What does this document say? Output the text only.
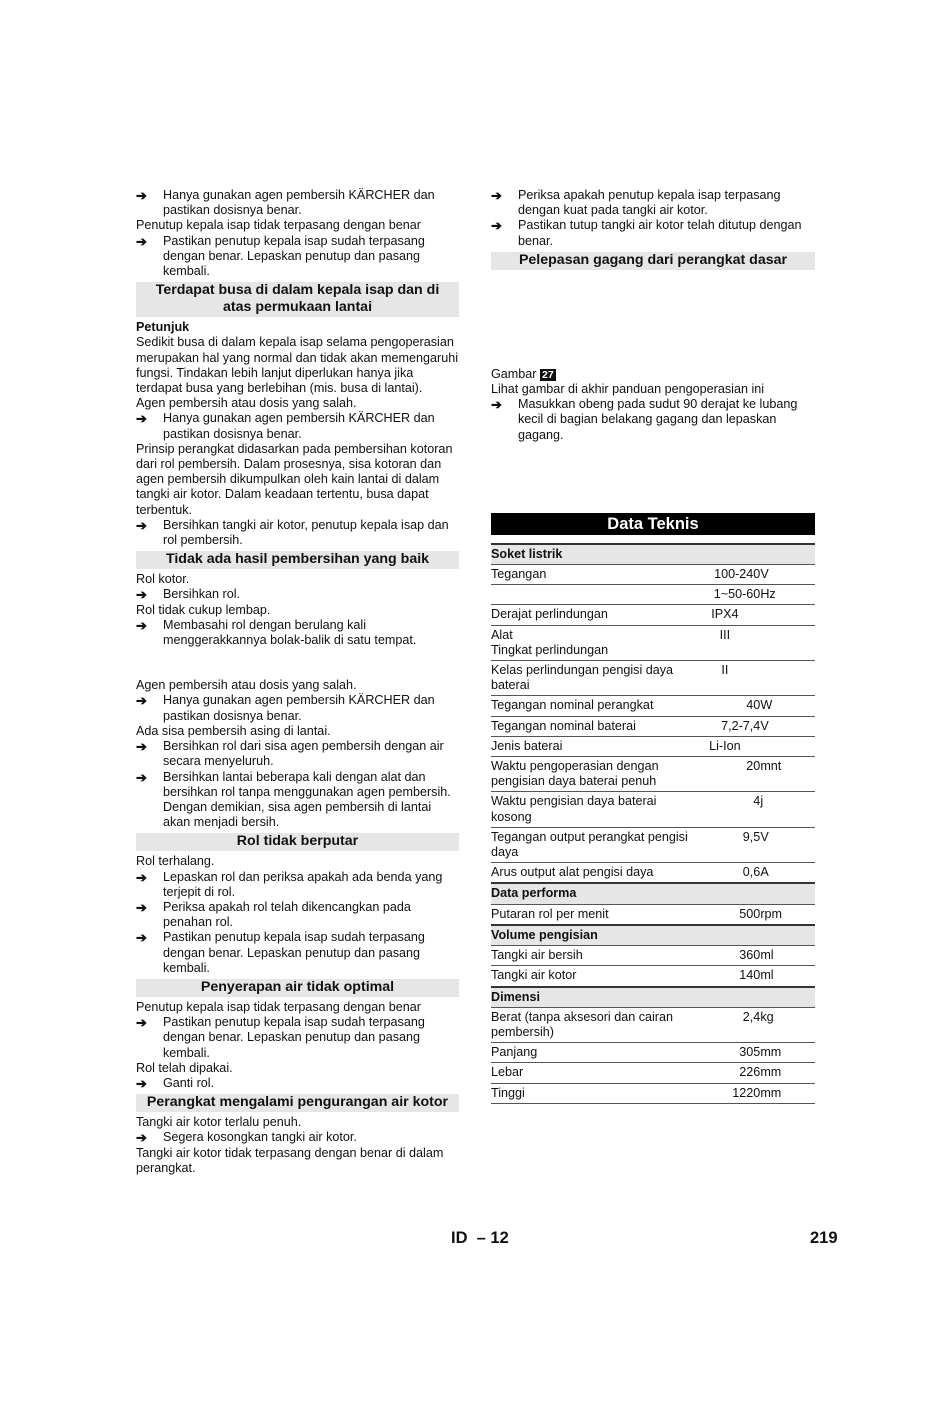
➔	Hanya gunakan agen pembersih KÄRCHER dan pastikan dosisnya benar.

Penutup kepala isap tidak terpasang dengan benar

➔	Pastikan penutup kepala isap sudah terpasang dengan benar. Lepaskan penutup dan pasang kembali.
Terdapat busa di dalam kepala isap dan di atas permukaan lantai

Petunjuk

Sedikit busa di dalam kepala isap selama pengoperasian merupakan hal yang normal dan tidak akan memengaruhi fungsi. Tindakan lebih lanjut diperlukan hanya jika terdapat busa yang berlebihan (mis. busa di lantai).

Agen pembersih atau dosis yang salah.

➔	Hanya gunakan agen pembersih KÄRCHER dan pastikan dosisnya benar.

Prinsip perangkat didasarkan pada pembersihan kotoran dari rol pembersih. Dalam prosesnya, sisa kotoran dan agen pembersih dikumpulkan oleh kain lantai di dalam tangki air kotor. Dalam keadaan tertentu, busa dapat terbentuk.

➔	Bersihkan tangki air kotor, penutup kepala isap dan rol pembersih.
Tidak ada hasil pembersihan yang baik

Rol kotor.

➔	Bersihkan rol.

Rol tidak cukup lembap.

➔	Membasahi rol dengan berulang kali menggerakkannya bolak-balik di satu tempat.

Agen pembersih atau dosis yang salah.

➔	Hanya gunakan agen pembersih KÄRCHER dan pastikan dosisnya benar.

Ada sisa pembersih asing di lantai.

➔	Bersihkan rol dari sisa agen pembersih dengan air secara menyeluruh.
➔	Bersihkan lantai beberapa kali dengan alat dan bersihkan rol tanpa menggunakan agen pembersih. Dengan demikian, sisa agen pembersih di lantai akan menjadi bersih.
Rol tidak berputar

Rol terhalang.

➔	Lepaskan rol dan periksa apakah ada benda yang terjepit di rol.
➔	Periksa apakah rol telah dikencangkan pada penahan rol.
➔	Pastikan penutup kepala isap sudah terpasang dengan benar. Lepaskan penutup dan pasang kembali.
Penyerapan air tidak optimal

Penutup kepala isap tidak terpasang dengan benar

➔	Pastikan penutup kepala isap sudah terpasang dengan benar. Lepaskan penutup dan pasang kembali.

Rol telah dipakai.

➔	Ganti rol.
Perangkat mengalami pengurangan air kotor

Tangki air kotor terlalu penuh.

➔	Segera kosongkan tangki air kotor.

Tangki air kotor tidak terpasang dengan benar di dalam perangkat.

➔	Periksa apakah penutup kepala isap terpasang dengan kuat pada tangki air kotor.
➔	Pastikan tutup tangki air kotor telah ditutup dengan benar.
Pelepasan gagang dari perangkat dasar

Gambar 27

Lihat gambar di akhir panduan pengoperasian ini

➔	Masukkan obeng pada sudut 90 derajat ke lubang kecil di bagian belakang gagang dan lepaskan gagang.
Data Teknis
Soket listrik		
Tegangan	100-240	V
	1~50-60	Hz
Derajat perlindungan	IPX4	
Alat
Tingkat perlindungan	III	
Kelas perlindungan pengisi daya baterai	II	
Tegangan nominal perangkat	40	W
Tegangan nominal baterai	7,2-7,4	V
Jenis baterai	Li-Ion	
Waktu pengoperasian dengan pengisian daya baterai penuh	20	mnt
Waktu pengisian daya baterai kosong	4	j
Tegangan output perangkat pengisi daya	9,5	V
Arus output alat pengisi daya	0,6	A
Data performa		
Putaran rol per menit	500	rpm
Volume pengisian		
Tangki air bersih	360	ml
Tangki air kotor	140	ml
Dimensi		
Berat (tanpa aksesori dan cairan pembersih)	2,4	kg
Panjang	305	mm
Lebar	226	mm
Tinggi	1220	mm
ID – 12	219
